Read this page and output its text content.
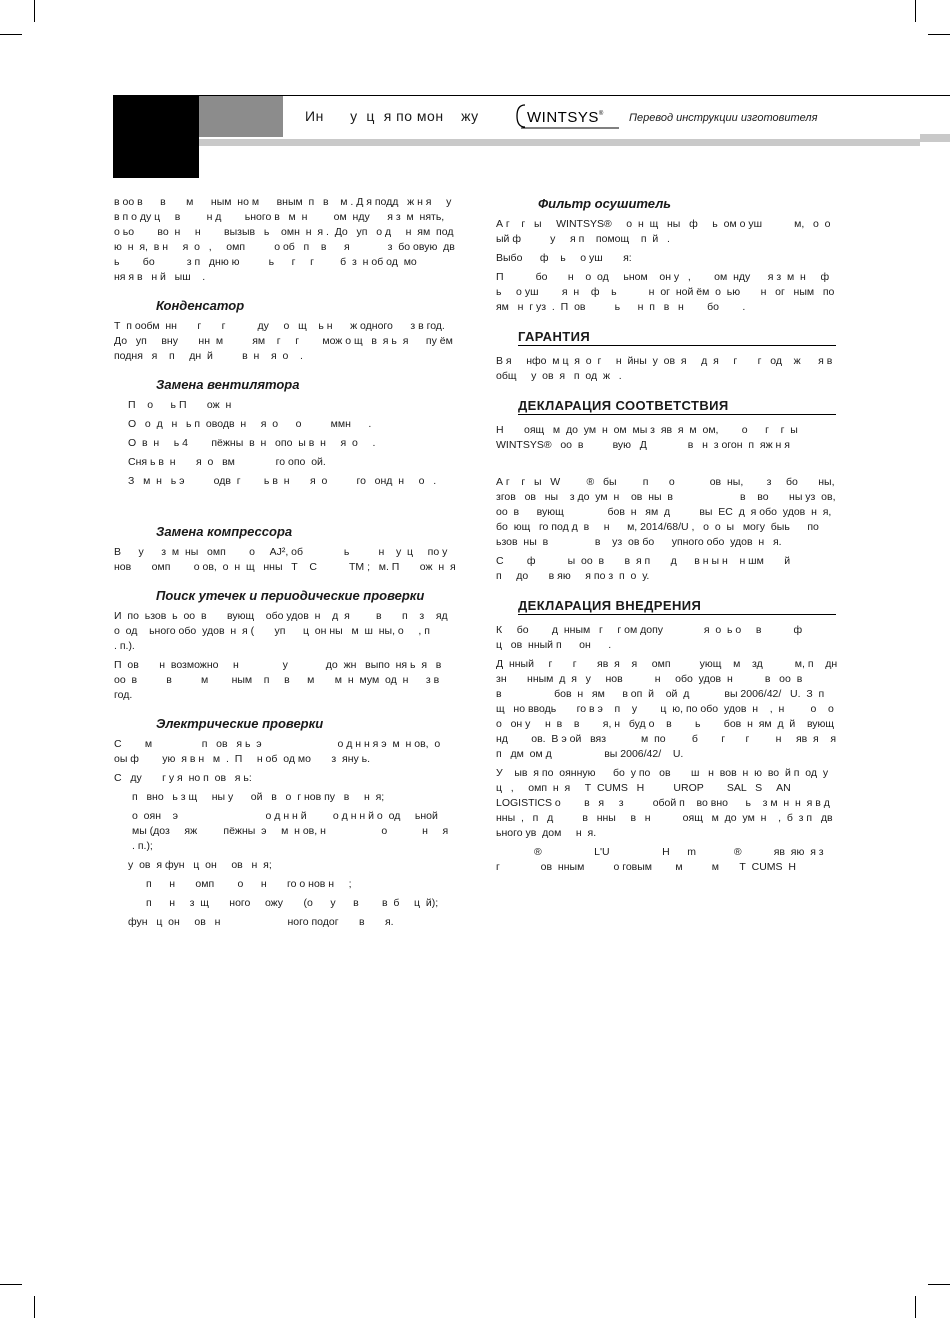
Ин      у  ц  я по мон    жу	WINTSYS® Перевод инструкции изготовителя

в оо в      в       м      ным  но м      вным  п   в    м . Д я подд   ж н я     у                      в п о ду ц     в         н д        ьного в   м  н         ом  нду      я з  м  нять,        о ьо        во  н     н        вызыв   ь    омн  н  я .  До   уп   о д     н  ям  под   ю  н  я,  в н     я  о   ,     омп          о об   п    в      я             з  бо овую  дв  ь        бо           з п   дню ю          ь      г     г         б  з  н об од  мо           ня я в   н й   ыш    .

Конденсатор

Т  п ообм  нн       г       г           ду     о   щ    ь н      ж одного      з в год.  До   уп     вну       нн  м          ям    г     г        мож о щ   в  я ь  я      пу ём    подня   я    п     дн  й          в  н    я  о    .

Замена вентилятора

П    о      ь П       ож  н

О   о  д   н   ь п  оводв  н     я  о      о          ммн      .

О  в  н     ь 4        пёжны  в  н   опо  ы в  н     я  о     .

Сня ь в  н       я  о   вм              го опо  ой.

З   м  н   ь э          одв  г        ь в  н       я  о          го   онд  н     о   .

Замена компрессора

В      у      з  м  ны   омп        о     AJ², об              ь          н    у  ц     по у     нов       омп        о ов,  о  н  щ   нны   Т    С           ТМ ;   м. П       ож  н  я

Поиск утечек и периодические проверки

И  по  ьзов  ь  оо  в       вующ    обо удов  н    д  я         в       п    з    яд        о  од    ьного обо  удов  н  я (       уп      ц  он ны   м  ш  ны, о     , п                    . п.).

П  ов       н  возможно     н               у             до  жн   выпо  ня ь  я   в  оо  в          в          м        ным    п     в      м       м  н  мум  од  н      з в год.

Электрические проверки

С        м                 п   ов   я ь  э                          о д н н я э  м  н ов,  о оы ф        ую  я в н   м  .  П     н об  од мо       з  яну ь.

С   ду       г у я  но п  ов   я ь:

п   вно   ь з щ     ны у      ой   в   о  г нов пу   в     н  я;

о  оян    э                              о д н н й         о д н н й о  од     ьной          мы (доз     яж         пёжны  э     м  н ов, н                   о            н     я     . п.);

у  ов  я фун   ц  он     ов   н  я;

п      н       омп        о      н       го о нов н     ;

п      н     з  щ       ного     ожу       (о      у      в        в  б     ц  й);

фун   ц  он     ов   н                       ного подог       в       я.

Фильтр осушитель

А г    г   ы     WINTSYS®     о  н  щ   ны   ф     ь  ом о уш           м,   о  о ый ф          у     я п    помощ    п  й   .

Выбо      ф    ь     о уш       я:

П           бо       н    о  од     ьном    он у   ,        ом  нду      я з  м  н     ф     ь     о уш        я  н    ф    ь           н  ог  ной ём  о  ью       н   ог   ным   по     ям   н  г уз  .  П  ов          ь      н  п   в   н        бо        .

ГАРАНТИЯ

В я     нфо  м ц  я  о  г     н  йны  у  ов  я     д  я     г       г   од    ж      я в общ     у  ов  я   п  од  ж   .

ДЕКЛАРАЦИЯ СООТВЕТСТВИЯ

Н       оящ   м  до  ум  н  ом  мы з  яв  я  м  ом,        о      г    г  ы WINTSYS®   оо  в          вую   Д              в   н  з огон  п  яж н я

А г    г   ы   W         ®   бы         п       о            ов  ны,        з     бо       ны,  згов   ов   ны    з до  ум  н    ов  ны  в                       в    во       ны уз  ов,   оо  в      вующ               бов  н   ям  д          вы  ЕС  д  я обо  удов  н  я,      бо  ющ   го под д  в     н      м, 2014/68/U ,   о  о  ы   могу  быь      по  ьзов  ны  в                в    уз  ов бо      упного обо  удов  н   я.

С        ф           ы  оо  в       в  я п       д      в н ы н    н шм       й                                    п     до       в яю     я по з  п  о  у.

ДЕКЛАРАЦИЯ ВНЕДРЕНИЯ

К     бо        д  нным   г     г ом допу              я  о  ь о     в           ф            ц   ов  нный п      он      .

Д  нный     г       г       яв  я    я     омп          ующ    м    зд           м, п    дн  зн       нным  д  я   у     нов           н     обо  удов  н           в   оо  в             в                  бов  н   ям      в оп  й    ой  д            вы 2006/42/   U.  З  п     щ   но вводь       го в э    п    у        ц  ю, по обо  удов  н    ,  н         о    о о   он у     н  в    в        я, н   буд о    в        ь        бов  н  ям  д  й    вующ              нд        ов.  В э ой   вяз            м  по         б        г       г         н     яв  я    я    п   дм  ом д                  вы 2006/42/    U.

У    ыв  я по  оянную      бо  у по   ов       ш   н  вов  н  ю  во  й п  од  у    ц   ,     омп  н  я     Т  CUMS   Н          UROP        SAL   S     AN LOGISTICS о        в   я     з          обой п    во вно      ь    з м  н  н  я в д  нны  ,   п   д          в   нны     в   н           оящ   м  до  ум  н    ,  б  з п   дв         ьного ув  дом     н  я.

®                  L'U                  Н      m             ®           яв  яю  я з        г              ов  нным          о говым        м          м       Т  CUMS  Н
